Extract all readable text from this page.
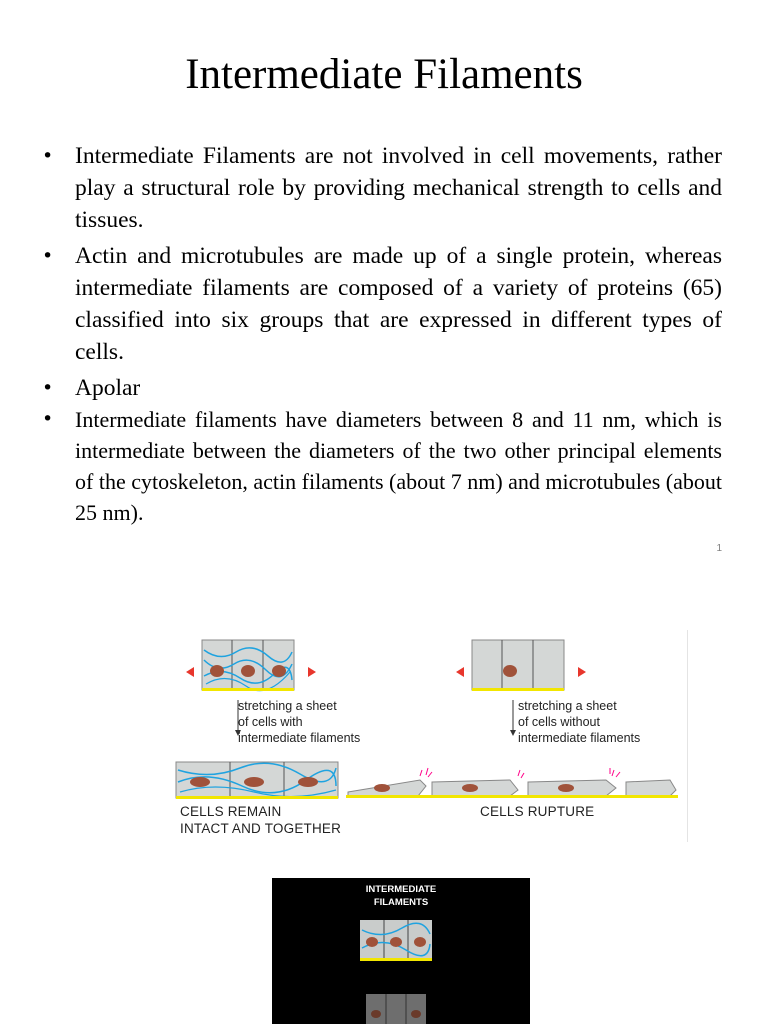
Intermediate Filaments
• Intermediate Filaments are not involved in cell movements, rather play a structural role by providing mechanical strength to cells and tissues.
• Actin and microtubules are made up of a single protein, whereas intermediate filaments are composed of a variety of proteins (65) classified into six groups that are expressed in different types of cells.
• Apolar
• Intermediate filaments have diameters between 8 and 11 nm, which is intermediate between the diameters of the two other principal elements of the cytoskeleton, actin filaments (about 7 nm) and microtubules (about 25 nm).
1
stretching a sheet
of cells with
intermediate filaments
stretching a sheet
of cells without
intermediate filaments
CELLS REMAIN
INTACT AND TOGETHER
CELLS RUPTURE
INTERMEDIATE
FILAMENTS
